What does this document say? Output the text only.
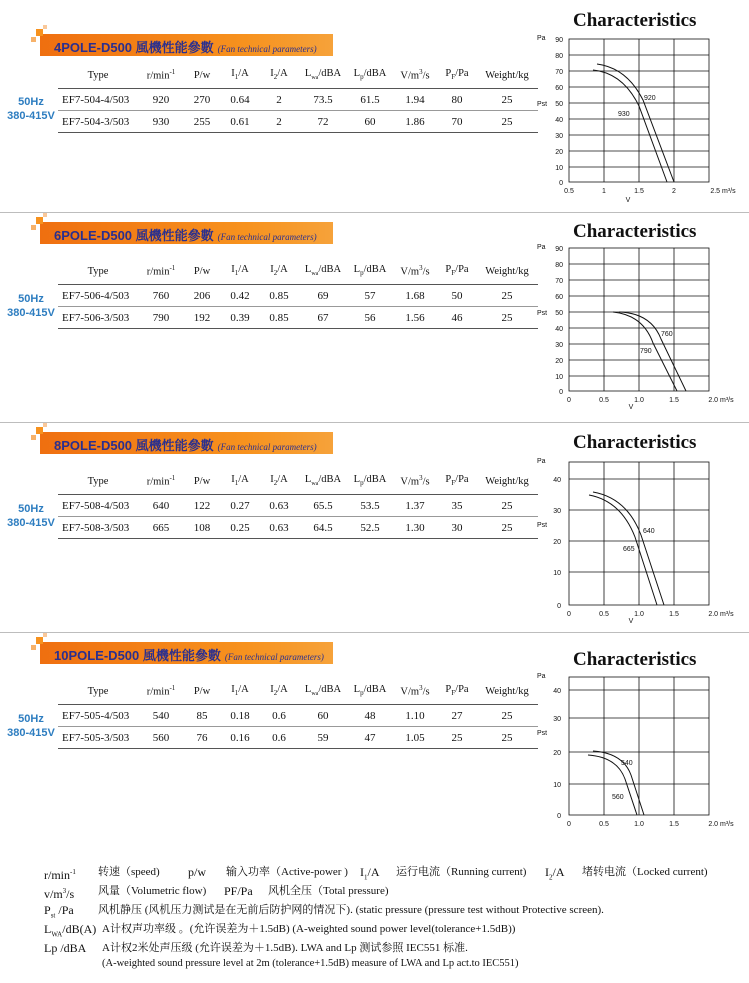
4POLE-D500 風機性能參數 (Fan technical parameters)
50Hz
380-415V
Type	$r/\min^{-1}$	P/w	$I_1/A$	$I_2/A$	$L_{wa}$/dBA	$L_p$/dBA	$V/m^3/s$	$P_F/Pa$	Weight/kg
EF7-504-4/503	920	270	0.64	2	73.5	61.5	1.94	80	25
EF7-504-3/503	930	255	0.61	2	72	60	1.86	70	25
Characteristics
Pa 90
80
70
60
50
40
30
20
10
0
Pst
0.5	1	1.5	2	2.5 m³/s
V
920
930
6POLE-D500 風機性能參數 (Fan technical parameters)
50Hz
380-415V
Type	$r/\min^{-1}$	P/w	$I_1/A$	$I_2/A$	$L_{wa}$/dBA	$L_p$/dBA	$V/m^3/s$	$P_F/Pa$	Weight/kg
EF7-506-4/503	760	206	0.42	0.85	69	57	1.68	50	25
EF7-506-3/503	790	192	0.39	0.85	67	56	1.56	46	25
Characteristics
Pa 90
80
70
60
50
40
30
20
10
0
Pst
0	0.5	1.0	1.5	2.0 m³/s
V
760
790
8POLE-D500 風機性能參數 (Fan technical parameters)
50Hz
380-415V
Type	$r/\min^{-1}$	P/w	$I_1/A$	$I_2/A$	$L_{wa}$/dBA	$L_p$/dBA	$V/m^3/s$	$P_F/Pa$	Weight/kg
EF7-508-4/503	640	122	0.27	0.63	65.5	53.5	1.37	35	25
EF7-508-3/503	665	108	0.25	0.63	64.5	52.5	1.30	30	25
Characteristics
Pa
40
30
20
10
0
Pst
0	0.5	1.0	1.5	2.0 m³/s
V
640
665
10POLE-D500 風機性能參數 (Fan technical parameters)
50Hz
380-415V
Type	$r/\min^{-1}$	P/w	$I_1/A$	$I_2/A$	$L_{wa}$/dBA	$L_p$/dBA	$V/m^3/s$	$P_F/Pa$	Weight/kg
EF7-505-4/503	540	85	0.18	0.6	60	48	1.10	27	25
EF7-505-3/503	560	76	0.16	0.6	59	47	1.05	25	25
Characteristics
Pa
40
30
20
10
0
Pst
0	0.5	1.0	1.5	2.0 m³/s
540
560
$r/\min^{-1}$ 转速（speed) p/w 输入功率（Active-power ) $I_1/A$ 运行电流（Running current) $I_2/A$ 堵转电流（Locked current)
$v/m^3/s$ 风量（Volumetric flow) PF/Pa 风机全压（Total pressure)
$P_{st}$ /Pa 风机静压 (风机压力测试是在无前后防护网的情况下). (static pressure (pressure test without Protective screen).
$L_{WA}/dB(A)$ A计权声功率级 。(允许误差为＋1.5dB) (A-weighted sound power level(tolerance+1.5dB))
Lp /dBA A计权2米处声压级 (允许误差为＋1.5dB). LWA and Lp 测试参照 IEC551 标准.
(A-weighted sound pressure level at 2m (tolerance+1.5dB) measure of LWA and Lp act.to IEC551)
